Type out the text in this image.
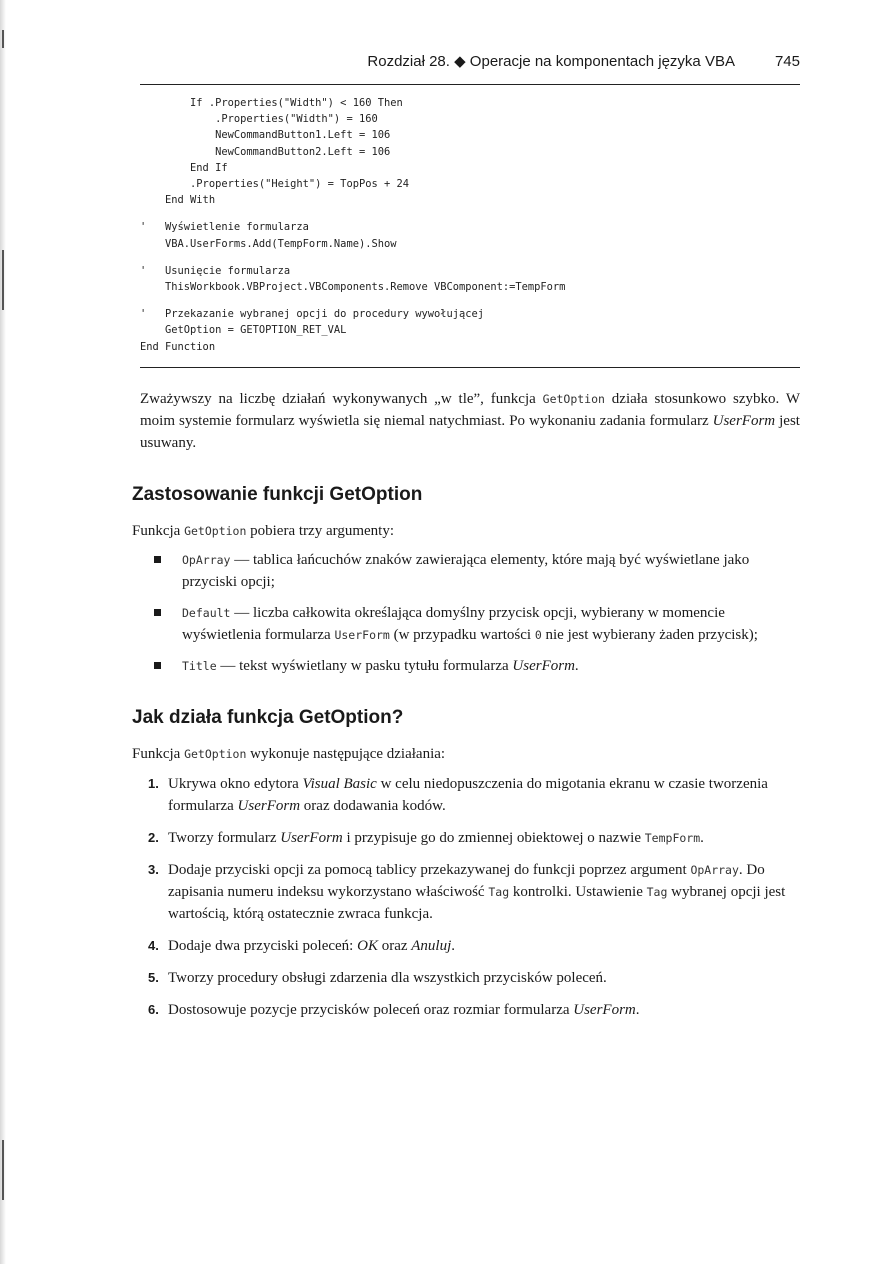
Rozdział 28. ◆ Operacje na komponentach języka VBA	745
If .Properties("Width") < 160 Then
.Properties("Width") = 160
NewCommandButton1.Left = 106
NewCommandButton2.Left = 106
End If
.Properties("Height") = TopPos + 24
End With
'   Wyświetlenie formularza
VBA.UserForms.Add(TempForm.Name).Show
'   Usunięcie formularza
ThisWorkbook.VBProject.VBComponents.Remove VBComponent:=TempForm
'   Przekazanie wybranej opcji do procedury wywołującej
GetOption = GETOPTION_RET_VAL
End Function

Zważywszy na liczbę działań wykonywanych „w tle”, funkcja GetOption działa stosunkowo szybko. W moim systemie formularz wyświetla się niemal natychmiast. Po wykonaniu zadania formularz UserForm jest usuwany.

Zastosowanie funkcji GetOption

Funkcja GetOption pobiera trzy argumenty:

OpArray — tablica łańcuchów znaków zawierająca elementy, które mają być wyświetlane jako przyciski opcji;
Default — liczba całkowita określająca domyślny przycisk opcji, wybierany w momencie wyświetlenia formularza UserForm (w przypadku wartości 0 nie jest wybierany żaden przycisk);
Title — tekst wyświetlany w pasku tytułu formularza UserForm.
Jak działa funkcja GetOption?

Funkcja GetOption wykonuje następujące działania:

1. Ukrywa okno edytora Visual Basic w celu niedopuszczenia do migotania ekranu w czasie tworzenia formularza UserForm oraz dodawania kodów.
2. Tworzy formularz UserForm i przypisuje go do zmiennej obiektowej o nazwie TempForm.
3. Dodaje przyciski opcji za pomocą tablicy przekazywanej do funkcji poprzez argument OpArray. Do zapisania numeru indeksu wykorzystano właściwość Tag kontrolki. Ustawienie Tag wybranej opcji jest wartością, którą ostatecznie zwraca funkcja.
4. Dodaje dwa przyciski poleceń: OK oraz Anuluj.
5. Tworzy procedury obsługi zdarzenia dla wszystkich przycisków poleceń.
6. Dostosowuje pozycje przycisków poleceń oraz rozmiar formularza UserForm.
